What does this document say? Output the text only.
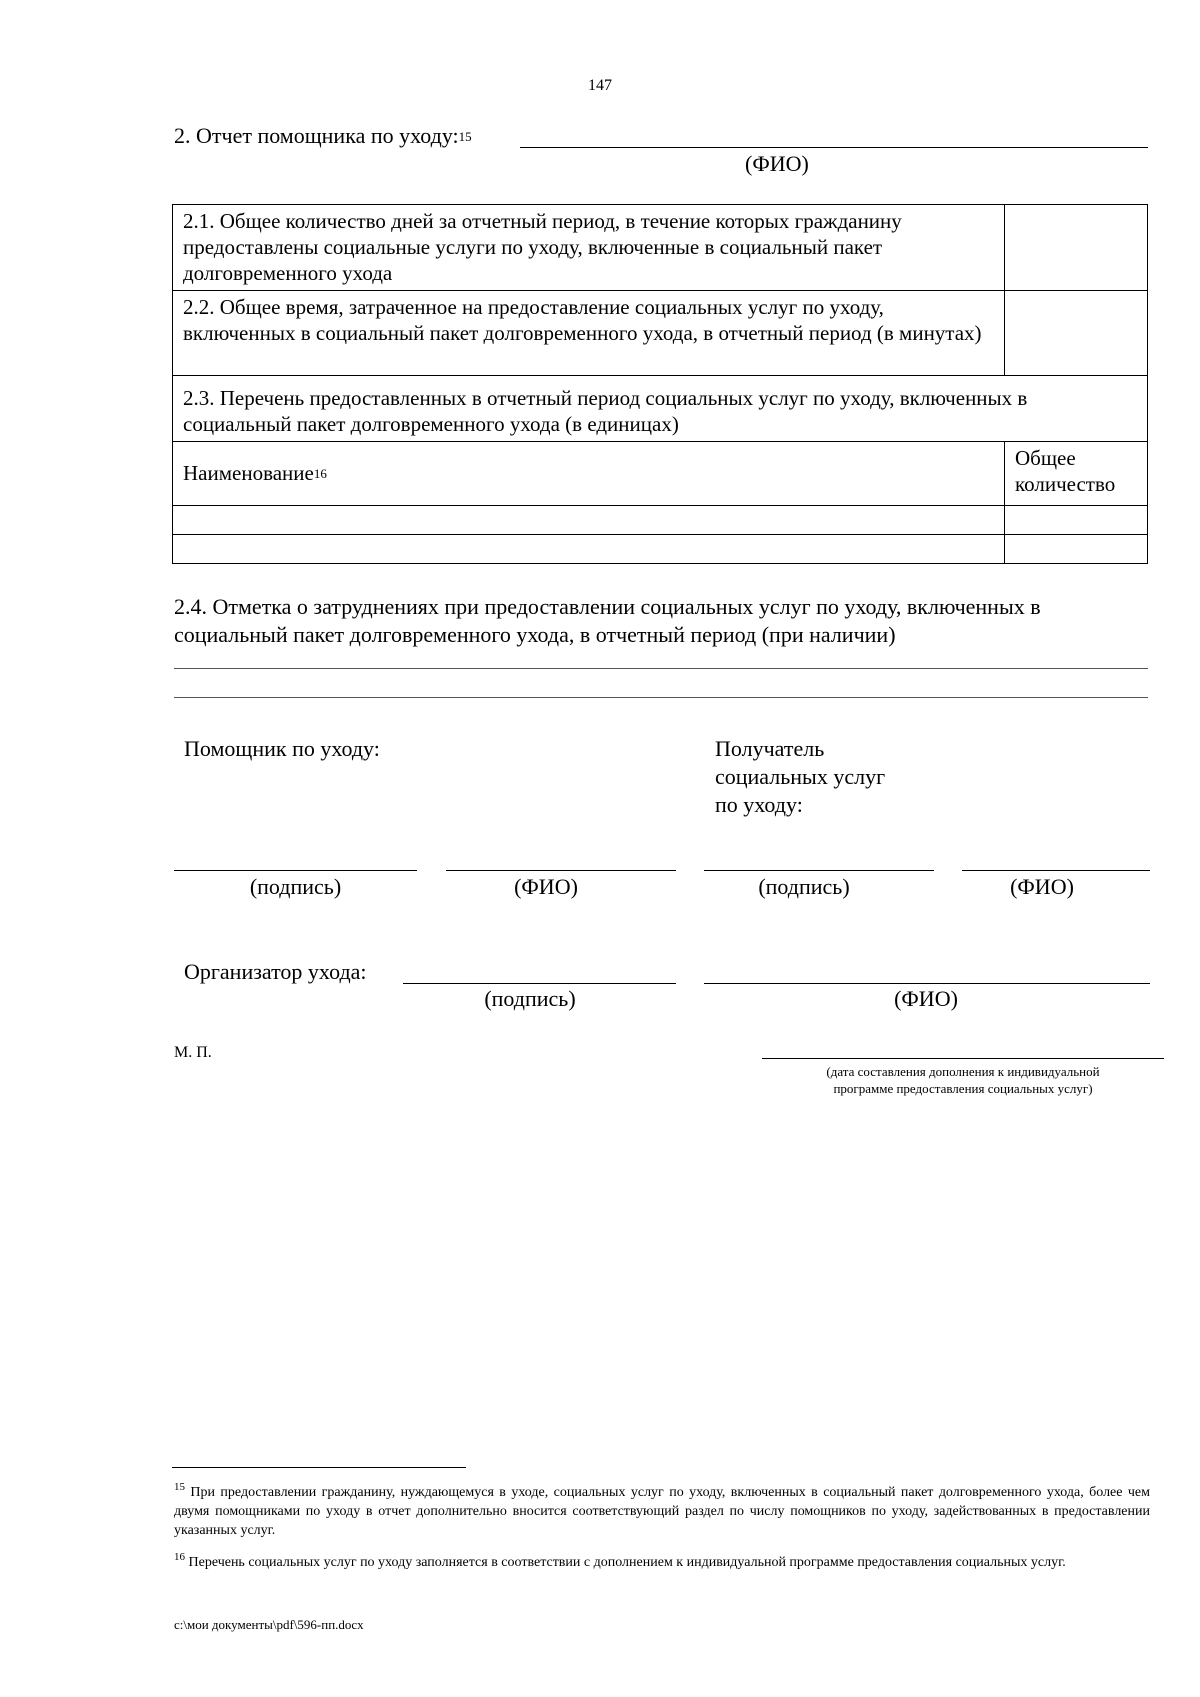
147
2. Отчет помощника по уходу:15
(ФИО)
2.1. Общее количество дней за отчетный период, в течение которых гражданину предоставлены социальные услуги по уходу, включенные в социальный пакет долговременного ухода	
2.2. Общее время, затраченное на предоставление социальных услуг по уходу, включенных в социальный пакет долговременного ухода, в отчетный период (в минутах)	
2.3. Перечень предоставленных в отчетный период социальных услуг по уходу, включенных в социальный пакет долговременного ухода (в единицах)	
Наименование16	Общее
количество

2.4. Отметка о затруднениях при предоставлении социальных услуг по уходу, включенных в социальный пакет долговременного ухода, в отчетный период (при наличии)
Помощник по уходу:	Получатель
социальных услуг
по уходу:
(подпись)	(ФИО)	(подпись)	(ФИО)
Организатор ухода:
(подпись)	(ФИО)
М. П.
(дата составления дополнения к индивидуальной
программе предоставления социальных услуг)
$^{15}$ При предоставлении гражданину, нуждающемуся в уходе, социальных услуг по уходу, включенных в социальный пакет долговременного ухода, более чем двумя помощниками по уходу в отчет дополнительно вносится соответствующий раздел по числу помощников по уходу, задействованных в предоставлении указанных услуг.
$^{16}$ Перечень социальных услуг по уходу заполняется в соответствии с дополнением к индивидуальной программе предоставления социальных услуг.
c:\мои документы\pdf\596-пп.docx
